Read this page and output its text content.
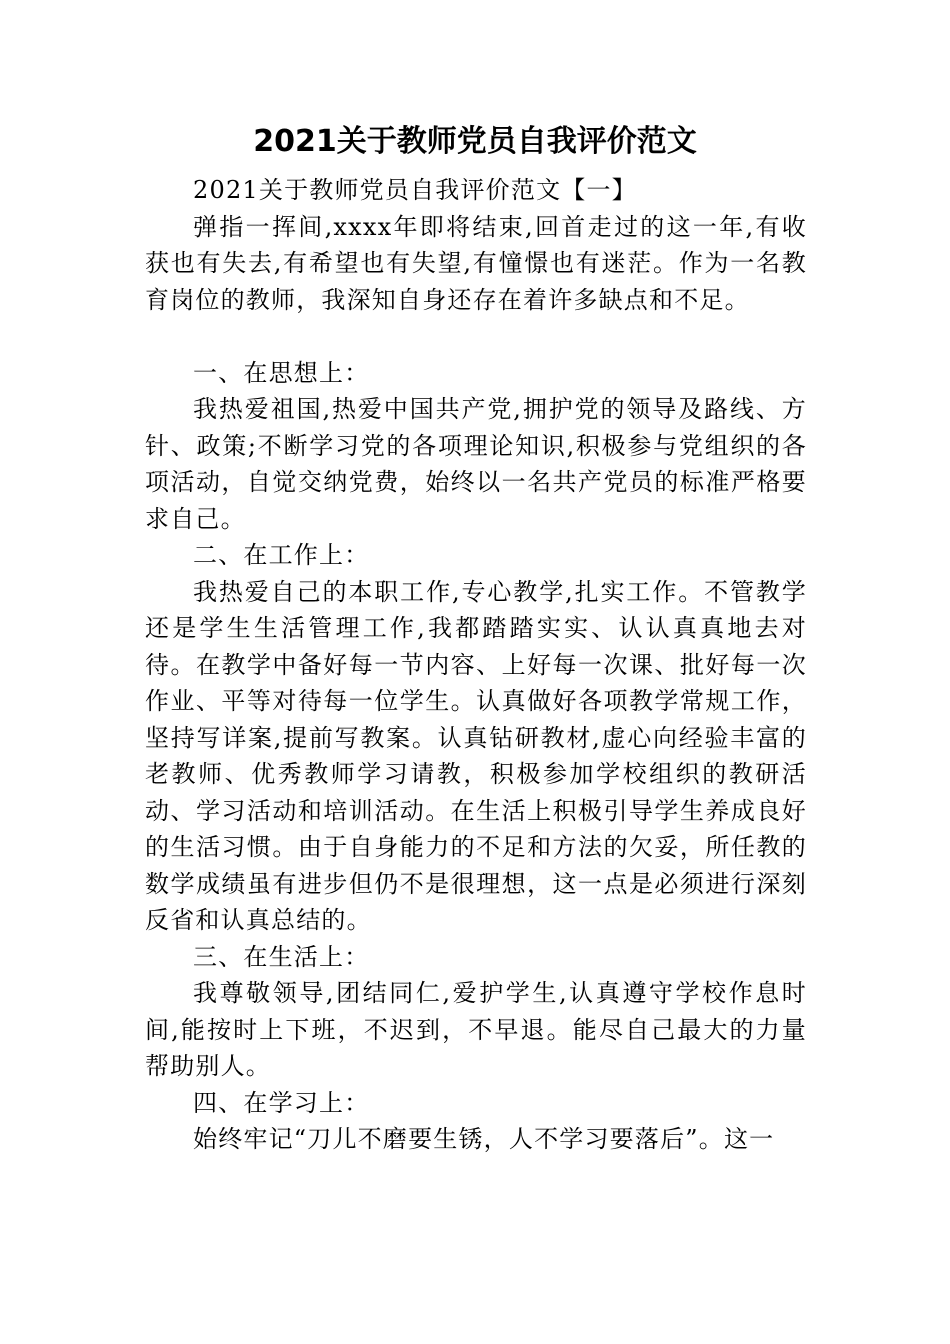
2021关于教师党员自我评价范文

2021关于教师党员自我评价范文【一】

弹指一挥间,xxxx年即将结束,回首走过的这一年,有收获也有失去,有希望也有失望,有憧憬也有迷茫。作为一名教育岗位的教师，我深知自身还存在着许多缺点和不足。

一、在思想上：

我热爱祖国,热爱中国共产党,拥护党的领导及路线、方针、政策;不断学习党的各项理论知识,积极参与党组织的各项活动，自觉交纳党费，始终以一名共产党员的标准严格要求自己。

二、在工作上：

我热爱自己的本职工作,专心教学,扎实工作。不管教学还是学生生活管理工作,我都踏踏实实、认认真真地去对待。在教学中备好每一节内容、上好每一次课、批好每一次作业、平等对待每一位学生。认真做好各项教学常规工作，坚持写详案,提前写教案。认真钻研教材,虚心向经验丰富的老教师、优秀教师学习请教，积极参加学校组织的教研活动、学习活动和培训活动。在生活上积极引导学生养成良好的生活习惯。由于自身能力的不足和方法的欠妥，所任教的数学成绩虽有进步但仍不是很理想，这一点是必须进行深刻反省和认真总结的。

三、在生活上：

我尊敬领导,团结同仁,爱护学生,认真遵守学校作息时间,能按时上下班，不迟到，不早退。能尽自己最大的力量帮助别人。

四、在学习上：

始终牢记“刀儿不磨要生锈，人不学习要落后”。这一
